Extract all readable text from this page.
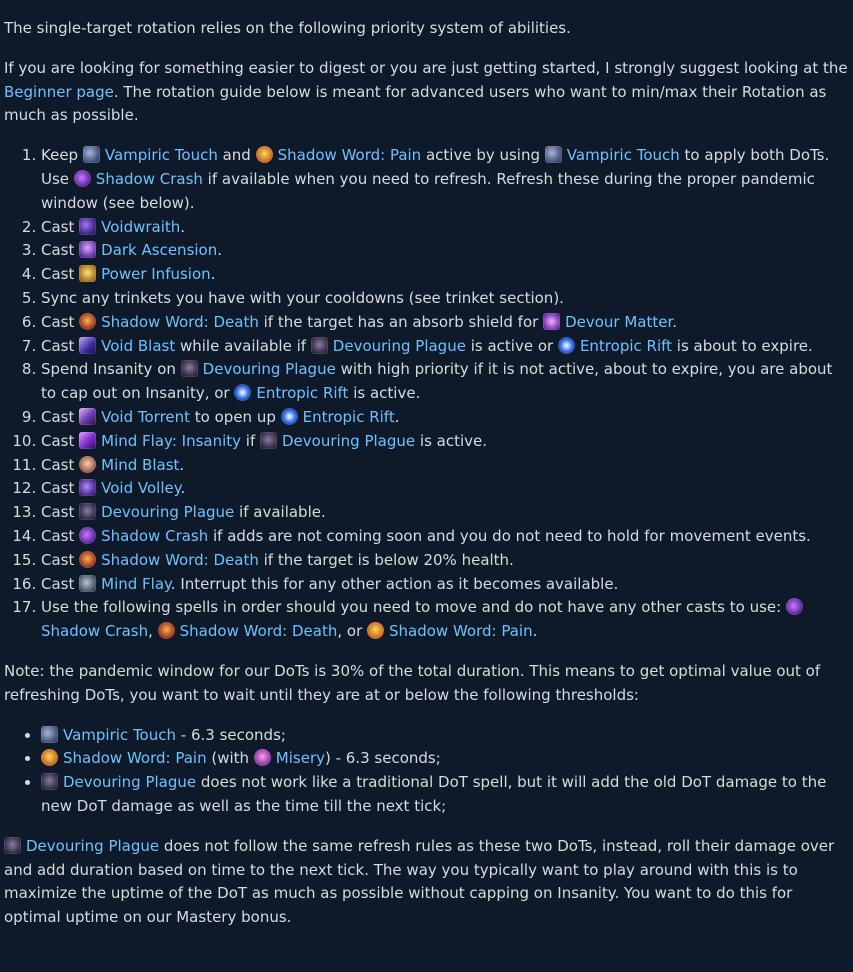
The single-target rotation relies on the following priority system of abilities.

If you are looking for something easier to digest or you are just getting started, I strongly suggest looking at the Beginner page. The rotation guide below is meant for advanced users who want to min/max their Rotation as much as possible.

1. Keep Vampiric Touch and Shadow Word: Pain active by using Vampiric Touch to apply both DoTs. Use Shadow Crash if available when you need to refresh. Refresh these during the proper pandemic window (see below).
2. Cast Voidwraith.
3. Cast Dark Ascension.
4. Cast Power Infusion.
5. Sync any trinkets you have with your cooldowns (see trinket section).
6. Cast Shadow Word: Death if the target has an absorb shield for Devour Matter.
7. Cast Void Blast while available if Devouring Plague is active or Entropic Rift is about to expire.
8. Spend Insanity on Devouring Plague with high priority if it is not active, about to expire, you are about to cap out on Insanity, or Entropic Rift is active.
9. Cast Void Torrent to open up Entropic Rift.
10. Cast Mind Flay: Insanity if Devouring Plague is active.
11. Cast Mind Blast.
12. Cast Void Volley.
13. Cast Devouring Plague if available.
14. Cast Shadow Crash if adds are not coming soon and you do not need to hold for movement events.
15. Cast Shadow Word: Death if the target is below 20% health.
16. Cast Mind Flay. Interrupt this for any other action as it becomes available.
17. Use the following spells in order should you need to move and do not have any other casts to use: Shadow Crash, Shadow Word: Death, or Shadow Word: Pain.

Note: the pandemic window for our DoTs is 30% of the total duration. This means to get optimal value out of refreshing DoTs, you want to wait until they are at or below the following thresholds:

• Vampiric Touch - 6.3 seconds;
• Shadow Word: Pain (with Misery) - 6.3 seconds;
• Devouring Plague does not work like a traditional DoT spell, but it will add the old DoT damage to the new DoT damage as well as the time till the next tick;

Devouring Plague does not follow the same refresh rules as these two DoTs, instead, roll their damage over and add duration based on time to the next tick. The way you typically want to play around with this is to maximize the uptime of the DoT as much as possible without capping on Insanity. You want to do this for optimal uptime on our Mastery bonus.
